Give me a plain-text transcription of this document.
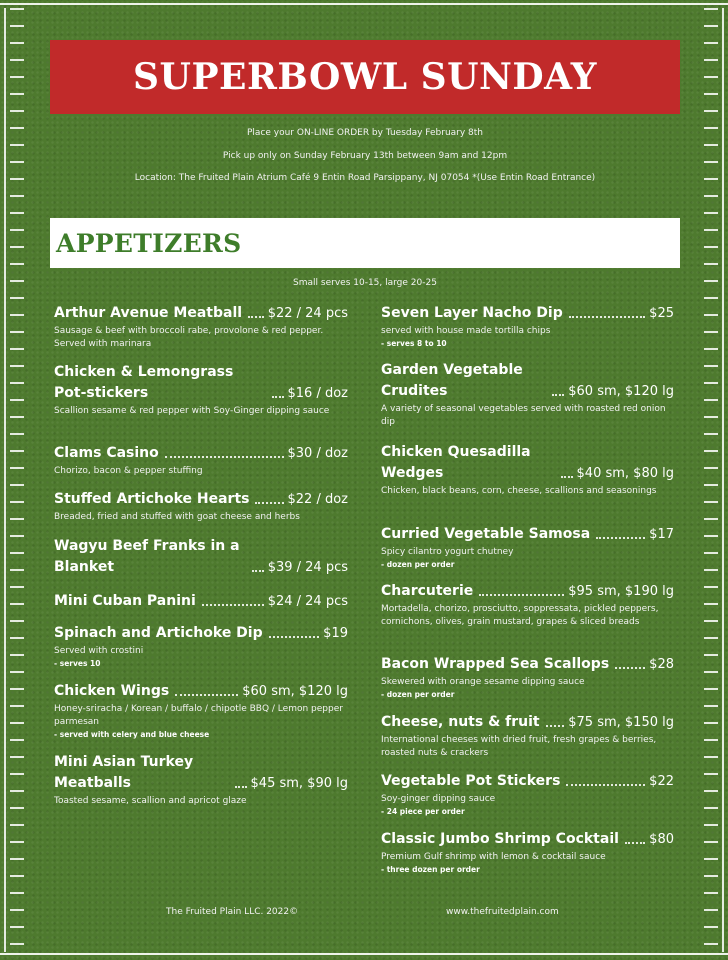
SUPERBOWL SUNDAY
Place your ON-LINE ORDER by Tuesday February 8th
Pick up only on Sunday February 13th between 9am and 12pm
Location: The Fruited Plain Atrium Café 9 Entin Road Parsippany, NJ 07054 *(Use Entin Road Entrance)
APPETIZERS
Small serves 10-15, large 20-25
Arthur Avenue Meatball $22 / 24 pcs
Sausage & beef with broccoli rabe, provolone & red pepper. Served with marinara
Chicken & Lemongrass Pot-stickers	$16 / doz
Scallion sesame & red pepper with Soy-Ginger dipping sauce
Clams Casino	$30 / doz
Chorizo, bacon & pepper stuffing
Stuffed Artichoke Hearts	$22 / doz
Breaded, fried and stuffed with goat cheese and herbs
Wagyu Beef Franks in a Blanket	$39 / 24 pcs
Mini Cuban Panini	$24 / 24 pcs
Spinach and Artichoke Dip	$19
Served with crostini
- serves 10
Chicken Wings	$60 sm, $120 lg
Honey-sriracha / Korean / buffalo / chipotle BBQ / Lemon pepper parmesan
- served with celery and blue cheese
Mini Asian Turkey Meatballs	$45 sm, $90 lg
Toasted sesame, scallion and apricot glaze
Seven Layer Nacho Dip	$25
served with house made tortilla chips
- serves 8 to 10
Garden Vegetable Crudites	$60 sm, $120 lg
A variety of seasonal vegetables served with roasted red onion dip
Chicken Quesadilla Wedges	$40 sm, $80 lg
Chicken, black beans, corn, cheese, scallions and seasonings
Curried Vegetable Samosa	$17
Spicy cilantro yogurt chutney
- dozen per order
Charcuterie	$95 sm, $190 lg
Mortadella, chorizo, prosciutto, soppressata, pickled peppers, cornichons, olives, grain mustard, grapes & sliced breads
Bacon Wrapped Sea Scallops	$28
Skewered with orange sesame dipping sauce
- dozen per order
Cheese, nuts & fruit $75 sm, $150 lg
International cheeses with dried fruit, fresh grapes & berries, roasted nuts & crackers
Vegetable Pot Stickers	$22
Soy-ginger dipping sauce
- 24 piece per order
Classic Jumbo Shrimp Cocktail $80
Premium Gulf shrimp with lemon & cocktail sauce
- three dozen per order
The Fruited Plain LLC. 2022©	www.thefruitedplain.com
